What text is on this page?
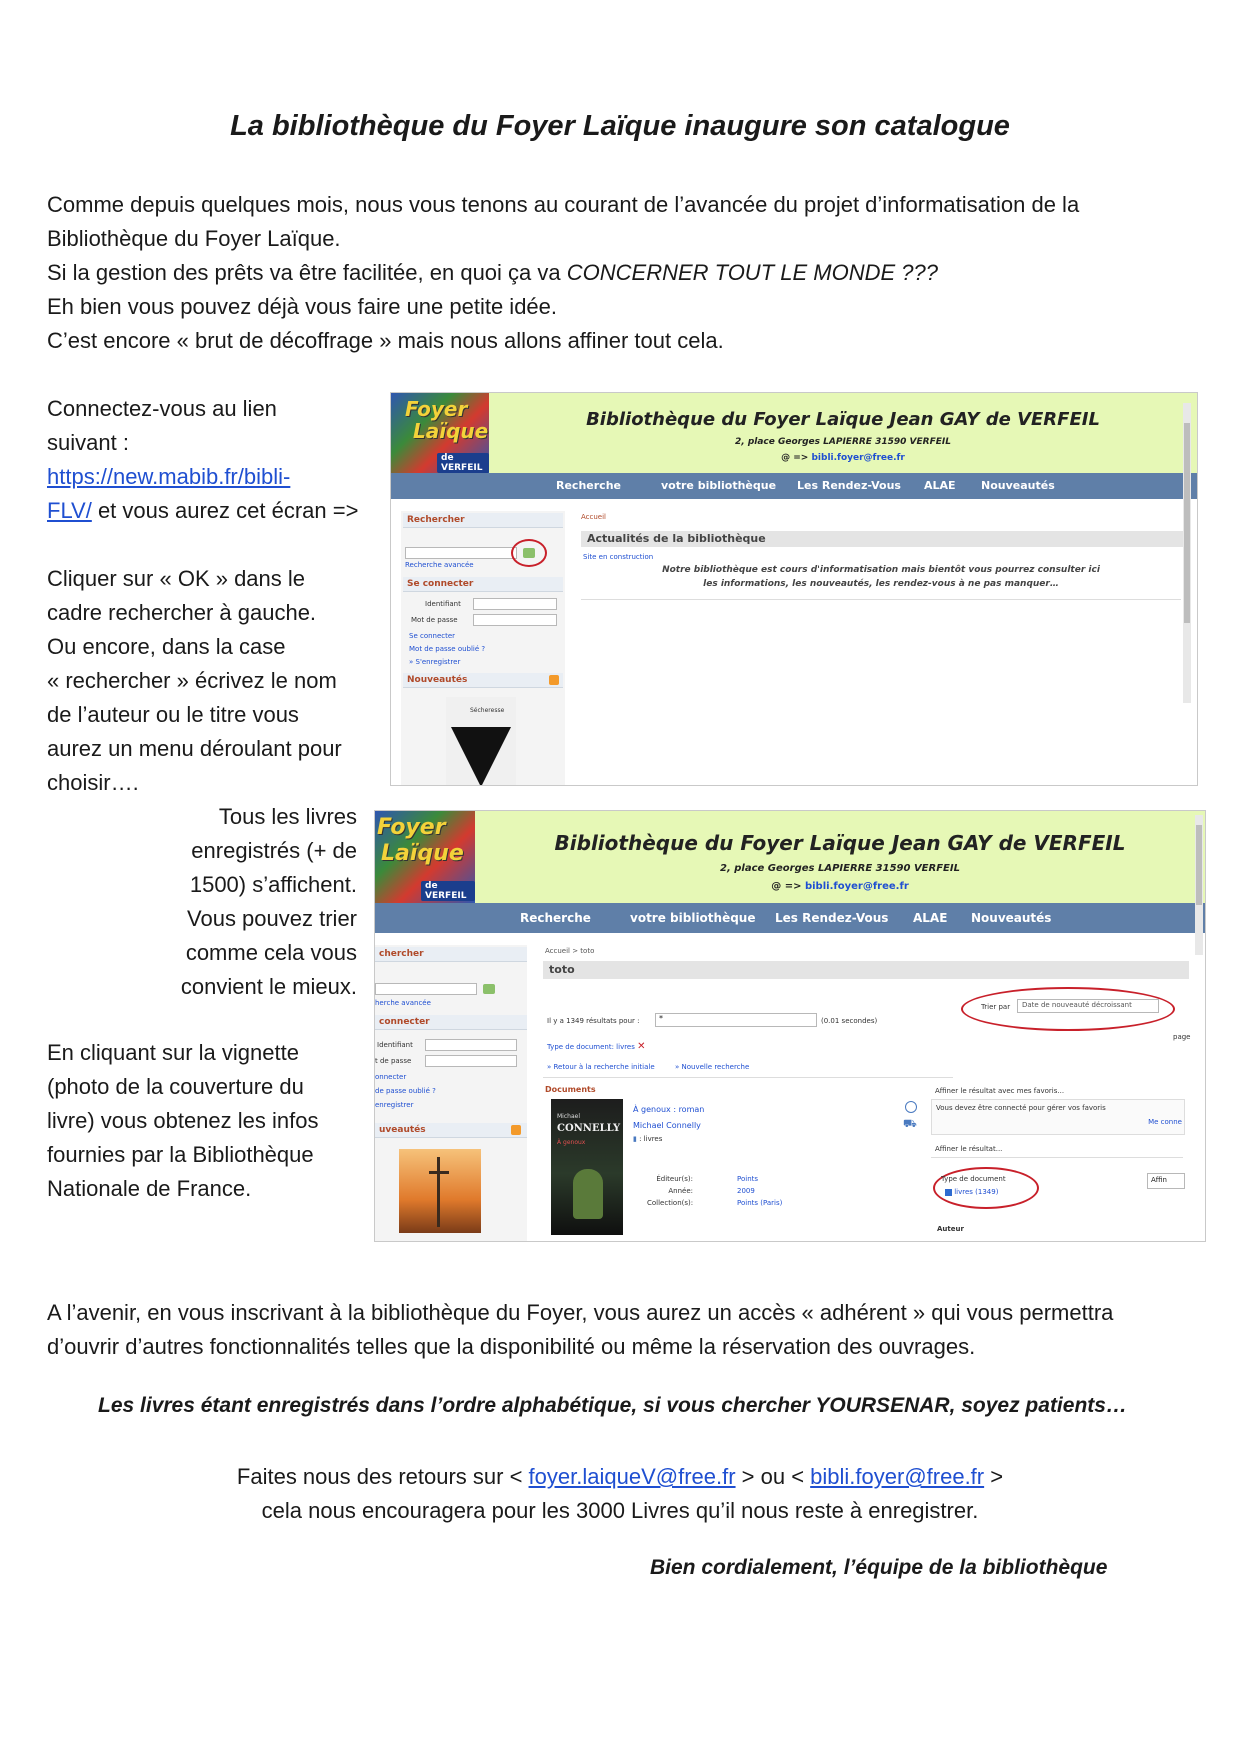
La bibliothèque du Foyer Laïque inaugure son catalogue
Comme depuis quelques mois, nous vous tenons au courant de l’avancée du projet d’informatisation de la
Bibliothèque du Foyer Laïque.
Si la gestion des prêts va être facilitée, en quoi ça va CONCERNER TOUT LE MONDE ???
Eh bien vous pouvez déjà vous faire une petite idée.
C’est encore « brut de décoffrage » mais nous allons affiner tout cela.
Connectez-vous au lien
suivant :
https://new.mabib.fr/bibli-
FLV/ et vous aurez cet écran =>
Cliquer sur « OK » dans le
cadre rechercher à gauche.
Ou encore, dans la case
« rechercher » écrivez le nom
de l’auteur ou le titre vous
aurez un menu déroulant pour
choisir….
Tous les livres
enregistrés (+ de
1500) s’affichent.
Vous pouvez trier
comme cela vous
convient le mieux.
En cliquant sur la vignette
(photo de la couverture du
livre) vous obtenez les infos
fournies par la Bibliothèque
Nationale de France.
Foyer
Laïque
de VERFEIL
Bibliothèque du Foyer Laïque Jean GAY de VERFEIL
2, place Georges LAPIERRE 31590 VERFEIL
@ => bibli.foyer@free.fr
Recherche	votre bibliothèque Les Rendez-Vous ALAE Nouveautés
Rechercher
Recherche avancée
Se connecter
Identifiant
Mot de passe
Se connecter
Mot de passe oublié ?
» S'enregistrer
Nouveautés
Sécheresse
Accueil
Actualités de la bibliothèque
Site en construction
Notre bibliothèque est cours d'informatisation mais bientôt vous pourrez consulter ici
les informations, les nouveautés, les rendez-vous à ne pas manquer…
Foyer
Laïque
de VERFEIL
Bibliothèque du Foyer Laïque Jean GAY de VERFEIL
2, place Georges LAPIERRE 31590 VERFEIL
@ => bibli.foyer@free.fr
Recherche	votre bibliothèque Les Rendez-Vous ALAE Nouveautés
chercher
herche avancée
connecter
Identifiant
t de passe
onnecter
de passe oublié ?
enregistrer
uveautés
Accueil > toto
toto
Trier par Date de nouveauté décroissant
page
Il y a 1349 résultats pour : *	(0.01 secondes)
Type de document: livres ✕
» Retour à la recherche initiale	» Nouvelle recherche
Documents
Michael
CONNELLY
À genoux
À genoux : roman
Michael Connelly
▮ : livres
Éditeur(s):
Année:
Collection(s):
Points
2009
Points (Paris)
⛟
Affiner le résultat avec mes favoris...
Vous devez être connecté pour gérer vos favoris
Me conne
Affiner le résultat...
Type de document
livres (1349)
Affin
Auteur
A l’avenir, en vous inscrivant à la bibliothèque du Foyer, vous aurez un accès « adhérent » qui vous permettra
d’ouvrir d’autres fonctionnalités telles que la disponibilité ou même la réservation des ouvrages.
Les livres étant enregistrés dans l’ordre alphabétique, si vous chercher YOURSENAR, soyez patients…
Faites nous des retours sur < foyer.laiqueV@free.fr > ou < bibli.foyer@free.fr >
cela nous encouragera pour les 3000 Livres qu’il nous reste à enregistrer.
Bien cordialement, l’équipe de la bibliothèque
